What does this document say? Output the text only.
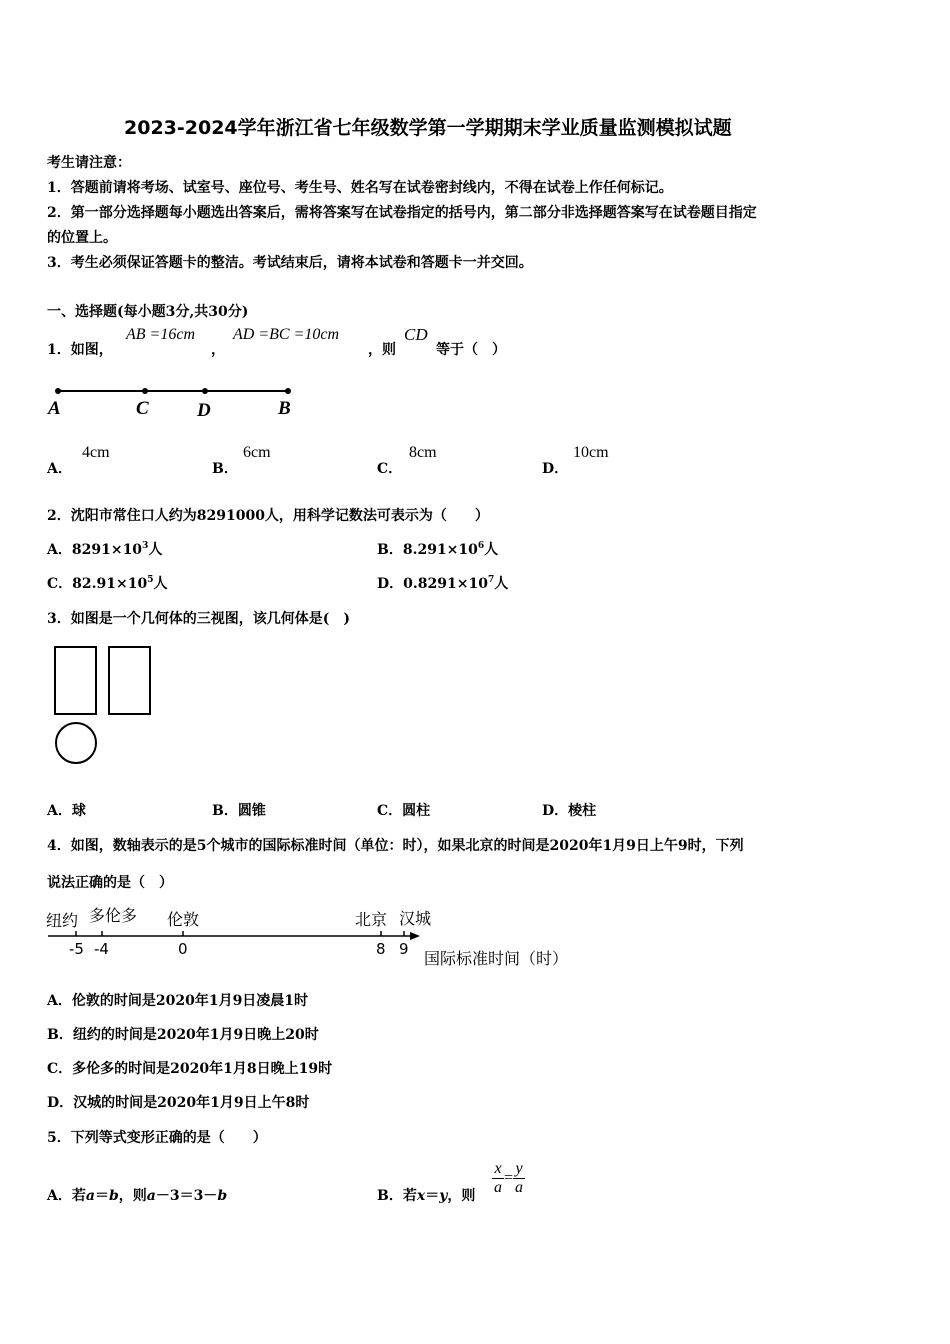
2023-2024学年浙江省七年级数学第一学期期末学业质量监测模拟试题
考生请注意：
1．答题前请将考场、试室号、座位号、考生号、姓名写在试卷密封线内，不得在试卷上作任何标记。
2．第一部分选择题每小题选出答案后，需将答案写在试卷指定的括号内，第二部分非选择题答案写在试卷题目指定
的位置上。
3．考生必须保证答题卡的整洁。考试结束后，请将本试卷和答题卡一并交回。
一、选择题(每小题3分,共30分)
1．如图，
AB =16cm
，
AD =BC =10cm
，则
CD
等于（　）
A	C	D	B
A．
4cm
B．
6cm
C．
8cm
D．
10cm
2．沈阳市常住口人约为8291000人，用科学记数法可表示为（　　）
A．$8291\times 10^3$人	B．$8.291\times 10^6$人
C．$82.91\times 10^5$人	D．$0.8291\times 10^7$人
3．如图是一个几何体的三视图，该几何体是(　)
A．球	B．圆锥	C．圆柱	D．棱柱
4．如图，数轴表示的是5个城市的国际标准时间（单位：时），如果北京的时间是2020年1月9日上午9时，下列
说法正确的是（　）
纽约 多伦多 伦敦	北京 汉城
-5 -4	0	8 9 国际标准时间（时）
A．伦敦的时间是2020年1月9日凌晨1时
B．纽约的时间是2020年1月9日晚上20时
C．多伦多的时间是2020年1月8日晚上19时
D．汉城的时间是2020年1月9日上午8时
5．下列等式变形正确的是（　　）
A．若a＝b，则a－3＝3－b	B．若x＝y，则 $\frac{x}{a} = \frac{y}{a}$
